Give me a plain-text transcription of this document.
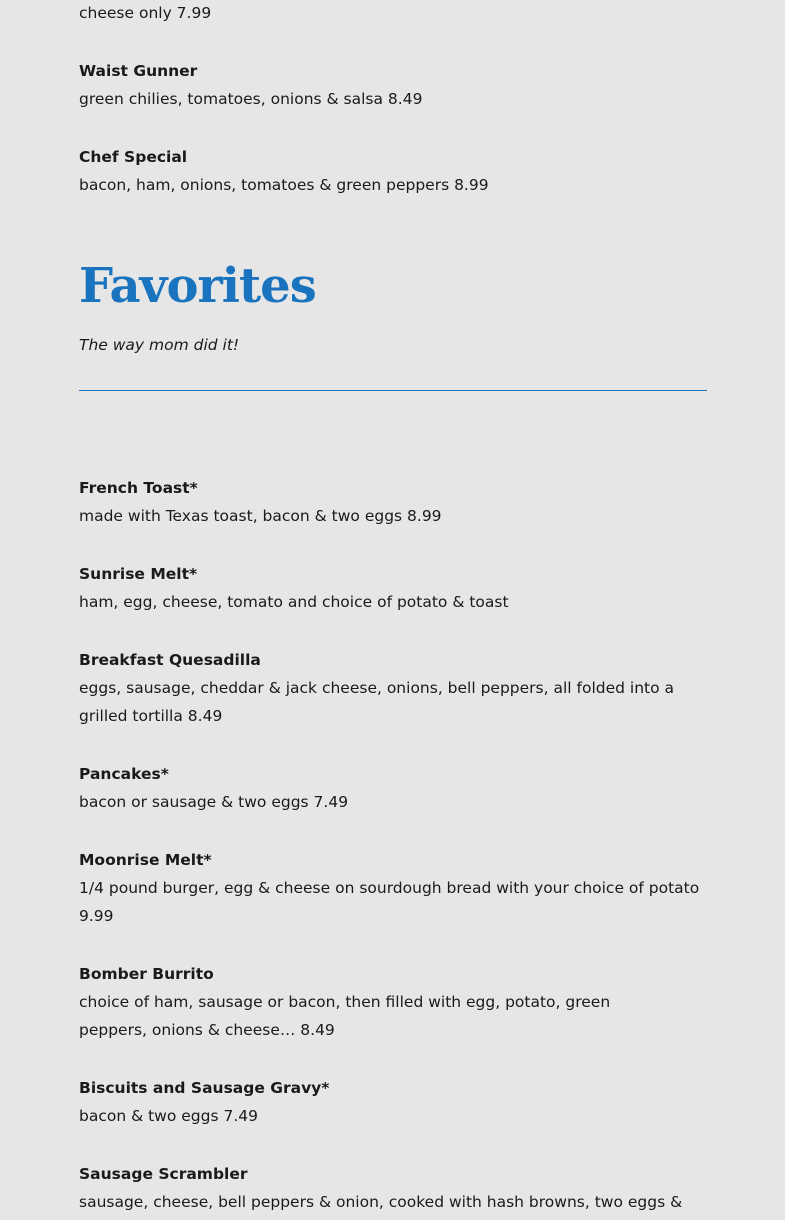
cheese only 7.99

Waist Gunner

green chilies, tomatoes, onions & salsa 8.49

Chef Special

bacon, ham, onions, tomatoes & green peppers 8.99

Favorites

The way mom did it!

French Toast*

made with Texas toast, bacon & two eggs 8.99

Sunrise Melt*

ham, egg, cheese, tomato and choice of potato & toast

Breakfast Quesadilla

eggs, sausage, cheddar & jack cheese, onions, bell peppers, all folded into a grilled tortilla 8.49

Pancakes*

bacon or sausage & two eggs 7.49

Moonrise Melt*

1/4 pound burger, egg & cheese on sourdough bread with your choice of potato 9.99

Bomber Burrito

choice of ham, sausage or bacon, then filled with egg, potato, green peppers, onions & cheese… 8.49

Biscuits and Sausage Gravy*

bacon & two eggs 7.49

Sausage Scrambler

sausage, cheese, bell peppers & onion, cooked with hash browns, two eggs &
